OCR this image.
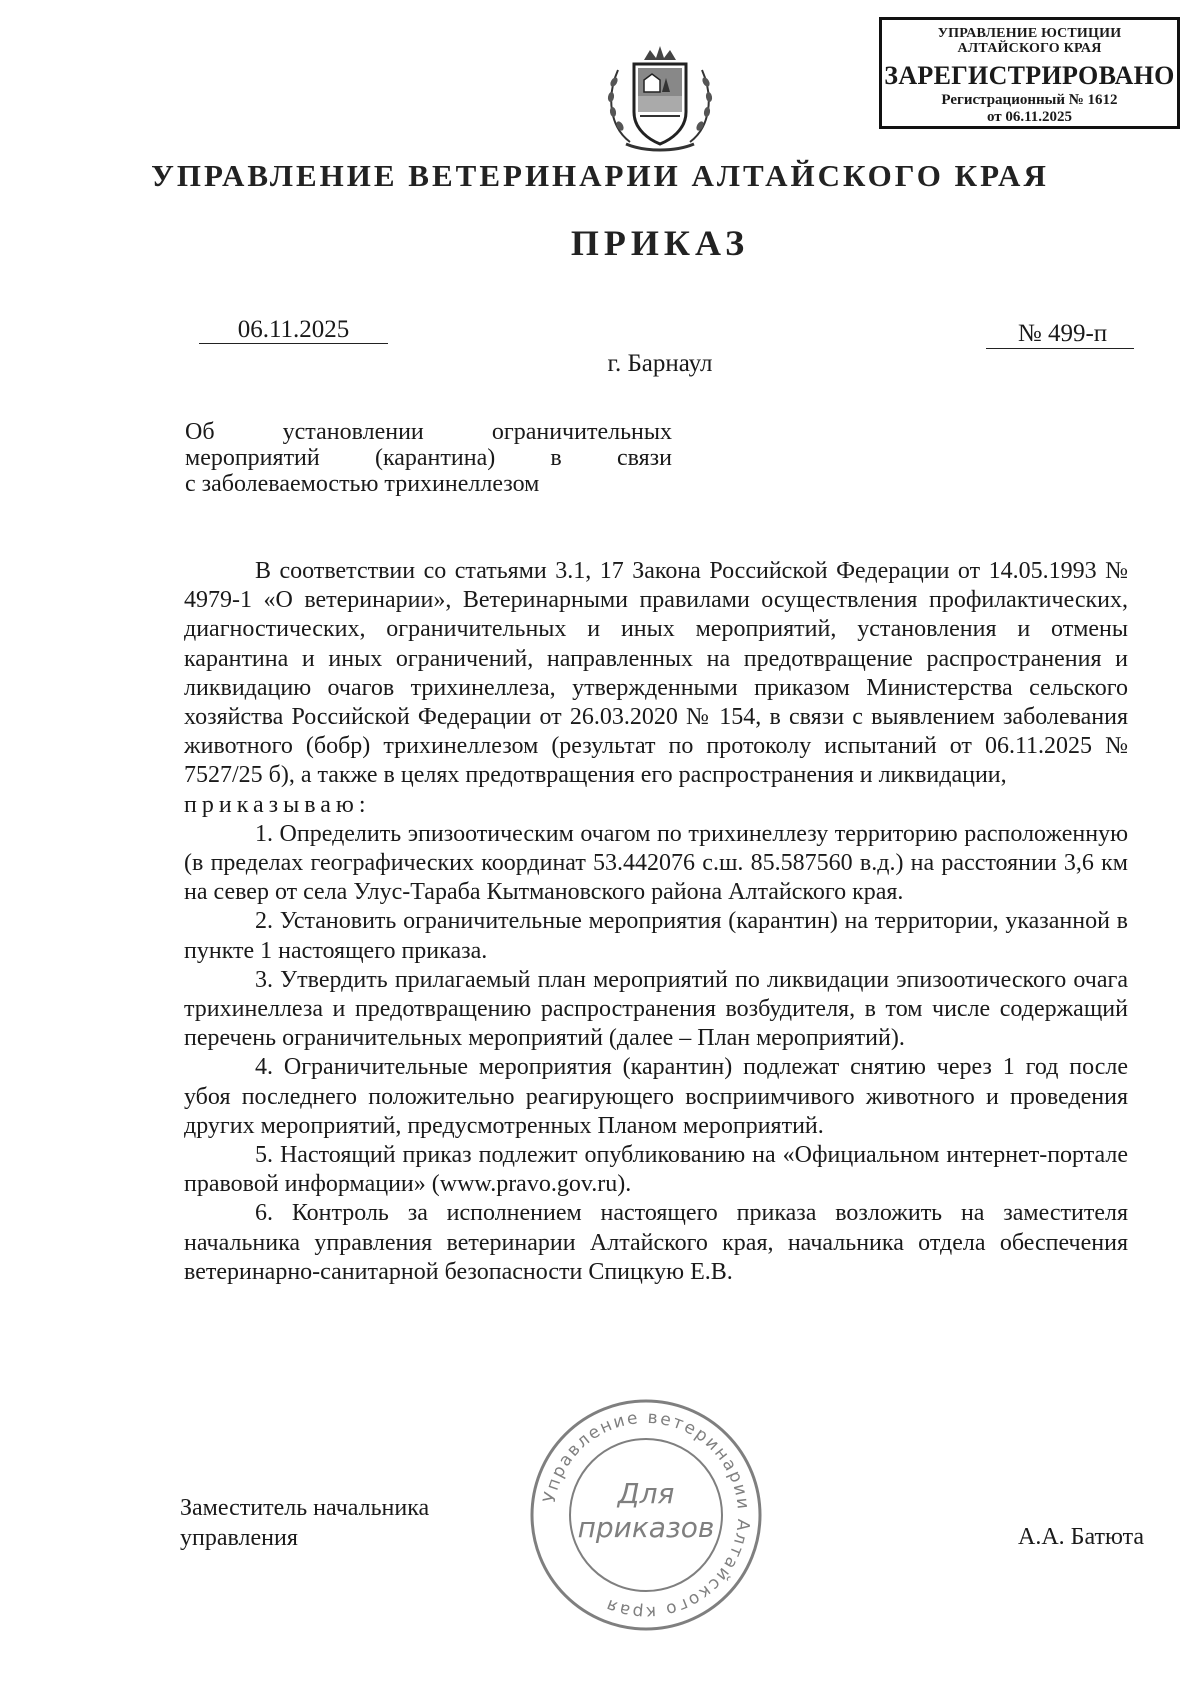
УПРАВЛЕНИЕ ЮСТИЦИИ
АЛТАЙСКОГО КРАЯ
ЗАРЕГИСТРИРОВАНО
Регистрационный № 1612
от 06.11.2025
УПРАВЛЕНИЕ ВЕТЕРИНАРИИ АЛТАЙСКОГО КРАЯ
ПРИКАЗ
06.11.2025	№ 499-п
г. Барнаул
Об установлении ограничительных
мероприятий (карантина) в связи
с заболеваемостью трихинеллезом

В соответствии со статьями 3.1, 17 Закона Российской Федерации от 14.05.1993 № 4979-1 «О ветеринарии», Ветеринарными правилами осуществления профилактических, диагностических, ограничительных и иных мероприятий, установления и отмены карантина и иных ограничений, направленных на предотвращение распространения и ликвидацию очагов трихинеллеза, утвержденными приказом Министерства сельского хозяйства Российской Федерации от 26.03.2020 № 154, в связи с выявлением заболевания животного (бобр) трихинеллезом (результат по протоколу испытаний от 06.11.2025 № 7527/25 б), а также в целях предотвращения его распространения и ликвидации,

приказываю:

1. Определить эпизоотическим очагом по трихинеллезу территорию расположенную (в пределах географических координат 53.442076 с.ш. 85.587560 в.д.) на расстоянии 3,6 км на север от села Улус-Тараба Кытмановского района Алтайского края.

2. Установить ограничительные мероприятия (карантин) на территории, указанной в пункте 1 настоящего приказа.

3. Утвердить прилагаемый план мероприятий по ликвидации эпизоотического очага трихинеллеза и предотвращению распространения возбудителя, в том числе содержащий перечень ограничительных мероприятий (далее – План мероприятий).

4. Ограничительные мероприятия (карантин) подлежат снятию через 1 год после убоя последнего положительно реагирующего восприимчивого животного и проведения других мероприятий, предусмотренных Планом мероприятий.

5. Настоящий приказ подлежит опубликованию на «Официальном интернет-портале правовой информации» (www.pravo.gov.ru).

6. Контроль за исполнением настоящего приказа возложить на заместителя начальника управления ветеринарии Алтайского края, начальника отдела обеспечения ветеринарно-санитарной безопасности Спицкую Е.В.

Управление ветеринарии Алтайского края
Для
приказов
Заместитель начальника
управления	А.А. Батюта
